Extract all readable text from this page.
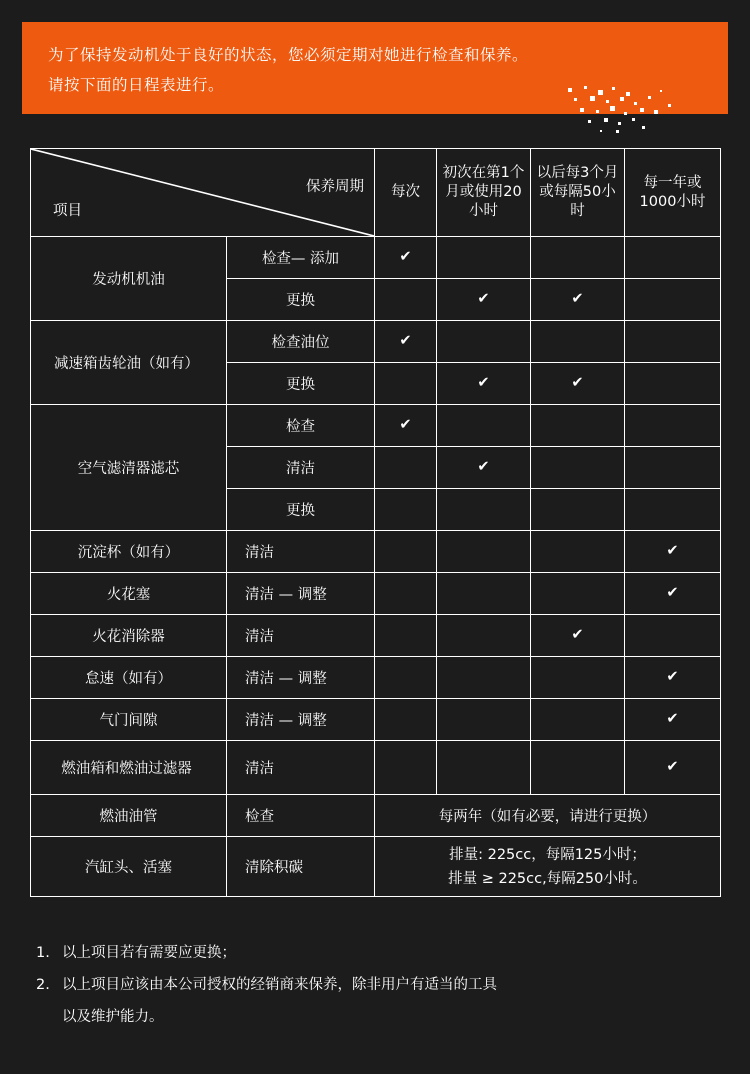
为了保持发动机处于良好的状态，您必须定期对她进行检查和保养。
请按下面的日程表进行。
保养周期
项目		每次	初次在第1个月或使用20小时	以后每3个月或每隔50小时	每一年或1000小时
发动机机油	检查— 添加	✔			
	更换		✔	✔	
减速箱齿轮油（如有）	检查油位	✔			
	更换		✔	✔	
空气滤清器滤芯	检查	✔			
	清洁		✔		
	更换				
沉淀杯（如有）	清洁				✔
火花塞	清洁 — 调整				✔
火花消除器	清洁			✔	
怠速（如有）	清洁 — 调整				✔
气门间隙	清洁 — 调整				✔
燃油箱和燃油过滤器	清洁				✔
燃油油管	检查	每两年（如有必要，请进行更换）			
汽缸头、活塞	清除积碳	排量: 225cc，每隔125小时；
排量 ≥ 225cc,每隔250小时。			
1. 以上项目若有需要应更换；
2. 以上项目应该由本公司授权的经销商来保养，除非用户有适当的工具
以及维护能力。
